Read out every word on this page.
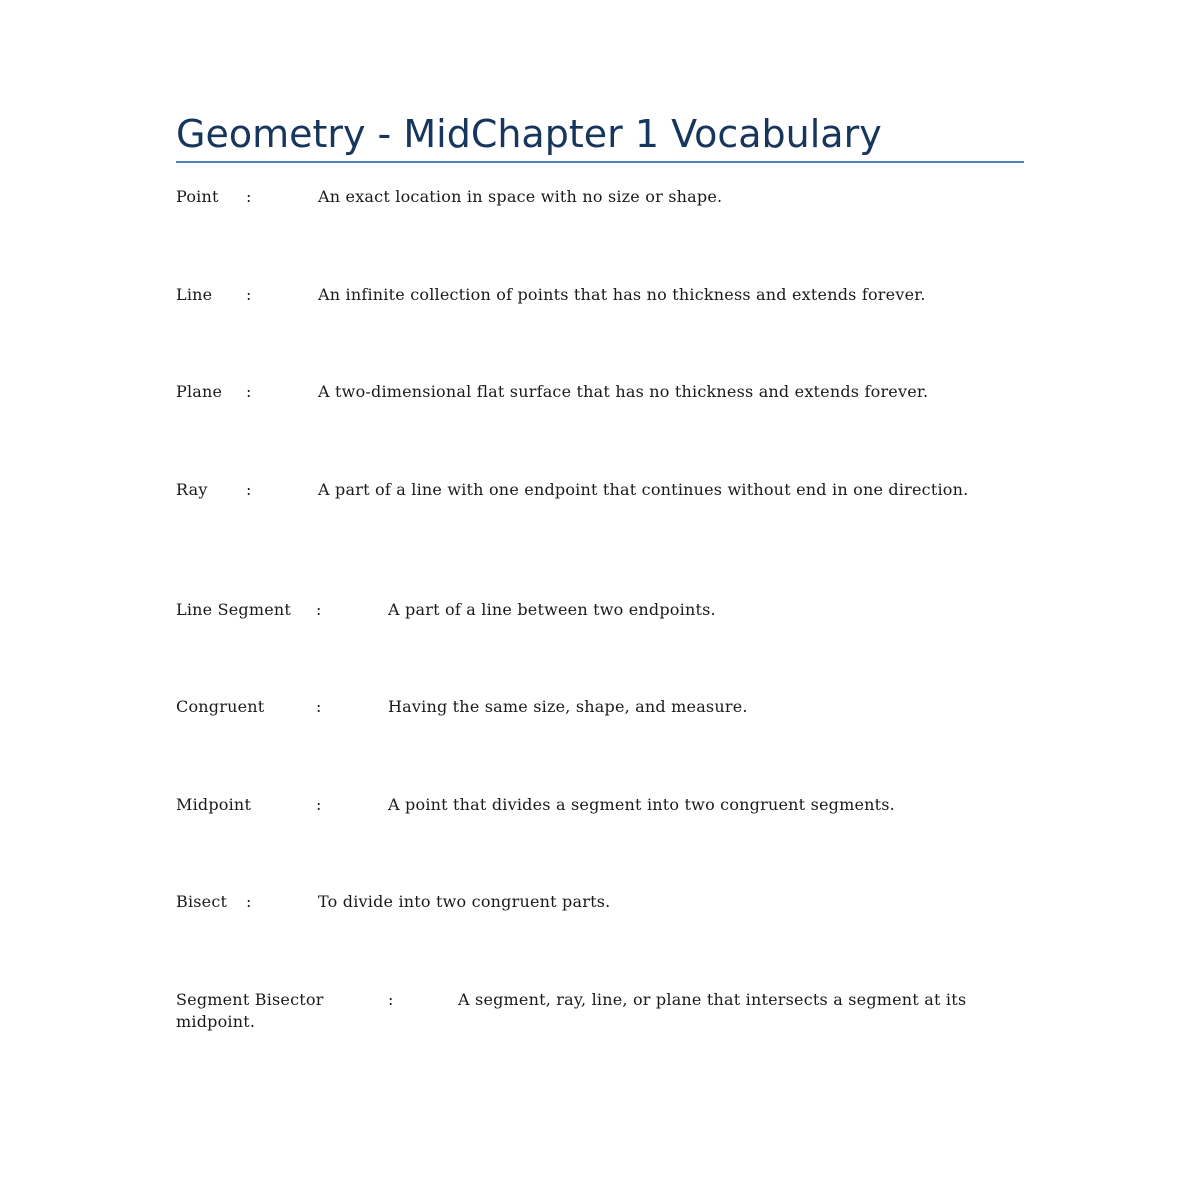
Geometry - MidChapter 1 Vocabulary
Point :	An exact location in space with no size or shape.
Line :	An infinite collection of points that has no thickness and extends forever.
Plane :	A two-dimensional flat surface that has no thickness and extends forever.
Ray :	A part of a line with one endpoint that continues without end in one direction.
Line Segment :	A part of a line between two endpoints.
Congruent	:	Having the same size, shape, and measure.
Midpoint	:	A point that divides a segment into two congruent segments.
Bisect :	To divide into two congruent parts.
Segment Bisector	:	A segment, ray, line, or plane that intersects a segment at its midpoint.
